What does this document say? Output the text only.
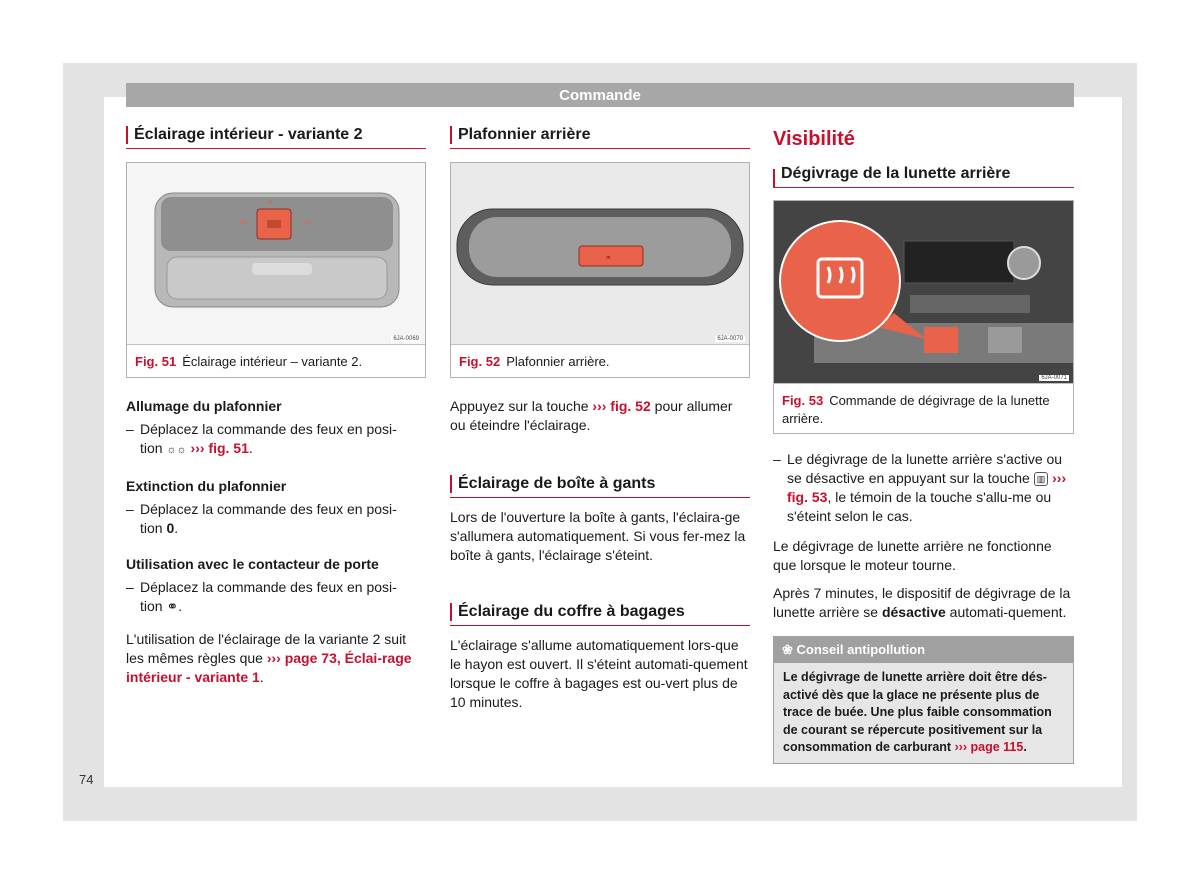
Commande
Éclairage intérieur - variante 2
✲	0
⚭
6JA-0069
Fig. 51 Éclairage intérieur – variante 2.
Allumage du plafonnier
– Déplacez la commande des feux en posi-
tion ☼☼ ››› fig. 51.
Extinction du plafonnier
– Déplacez la commande des feux en posi-
tion 0.
Utilisation avec le contacteur de porte
– Déplacez la commande des feux en posi-
tion ⚭.

L'utilisation de l'éclairage de la variante 2 suit les mêmes règles que ››› page 73, Éclai-rage intérieur - variante 1.

Plafonnier arrière
⚭
6JA-0070
Fig. 52 Plafonnier arrière.

Appuyez sur la touche ››› fig. 52 pour allumer ou éteindre l'éclairage.

Éclairage de boîte à gants

Lors de l'ouverture la boîte à gants, l'éclaira-ge s'allumera automatiquement. Si vous fer-mez la boîte à gants, l'éclairage s'éteint.

Éclairage du coffre à bagages

L'éclairage s'allume automatiquement lors-que le hayon est ouvert. Il s'éteint automati-quement lorsque le coffre à bagages est ou-vert plus de 10 minutes.

Visibilité
Dégivrage de la lunette arrière
6JA-0071
Fig. 53 Commande de dégivrage de la lunette arrière.
– Le dégivrage de la lunette arrière s'active ou se désactive en appuyant sur la touche ▥ ››› fig. 53, le témoin de la touche s'allu-me ou s'éteint selon le cas.

Le dégivrage de lunette arrière ne fonctionne que lorsque le moteur tourne.

Après 7 minutes, le dispositif de dégivrage de la lunette arrière se désactive automati-quement.

❀ Conseil antipollution
Le dégivrage de lunette arrière doit être dés-activé dès que la glace ne présente plus de trace de buée. Une plus faible consommation de courant se répercute positivement sur la consommation de carburant ››› page 115.
74
